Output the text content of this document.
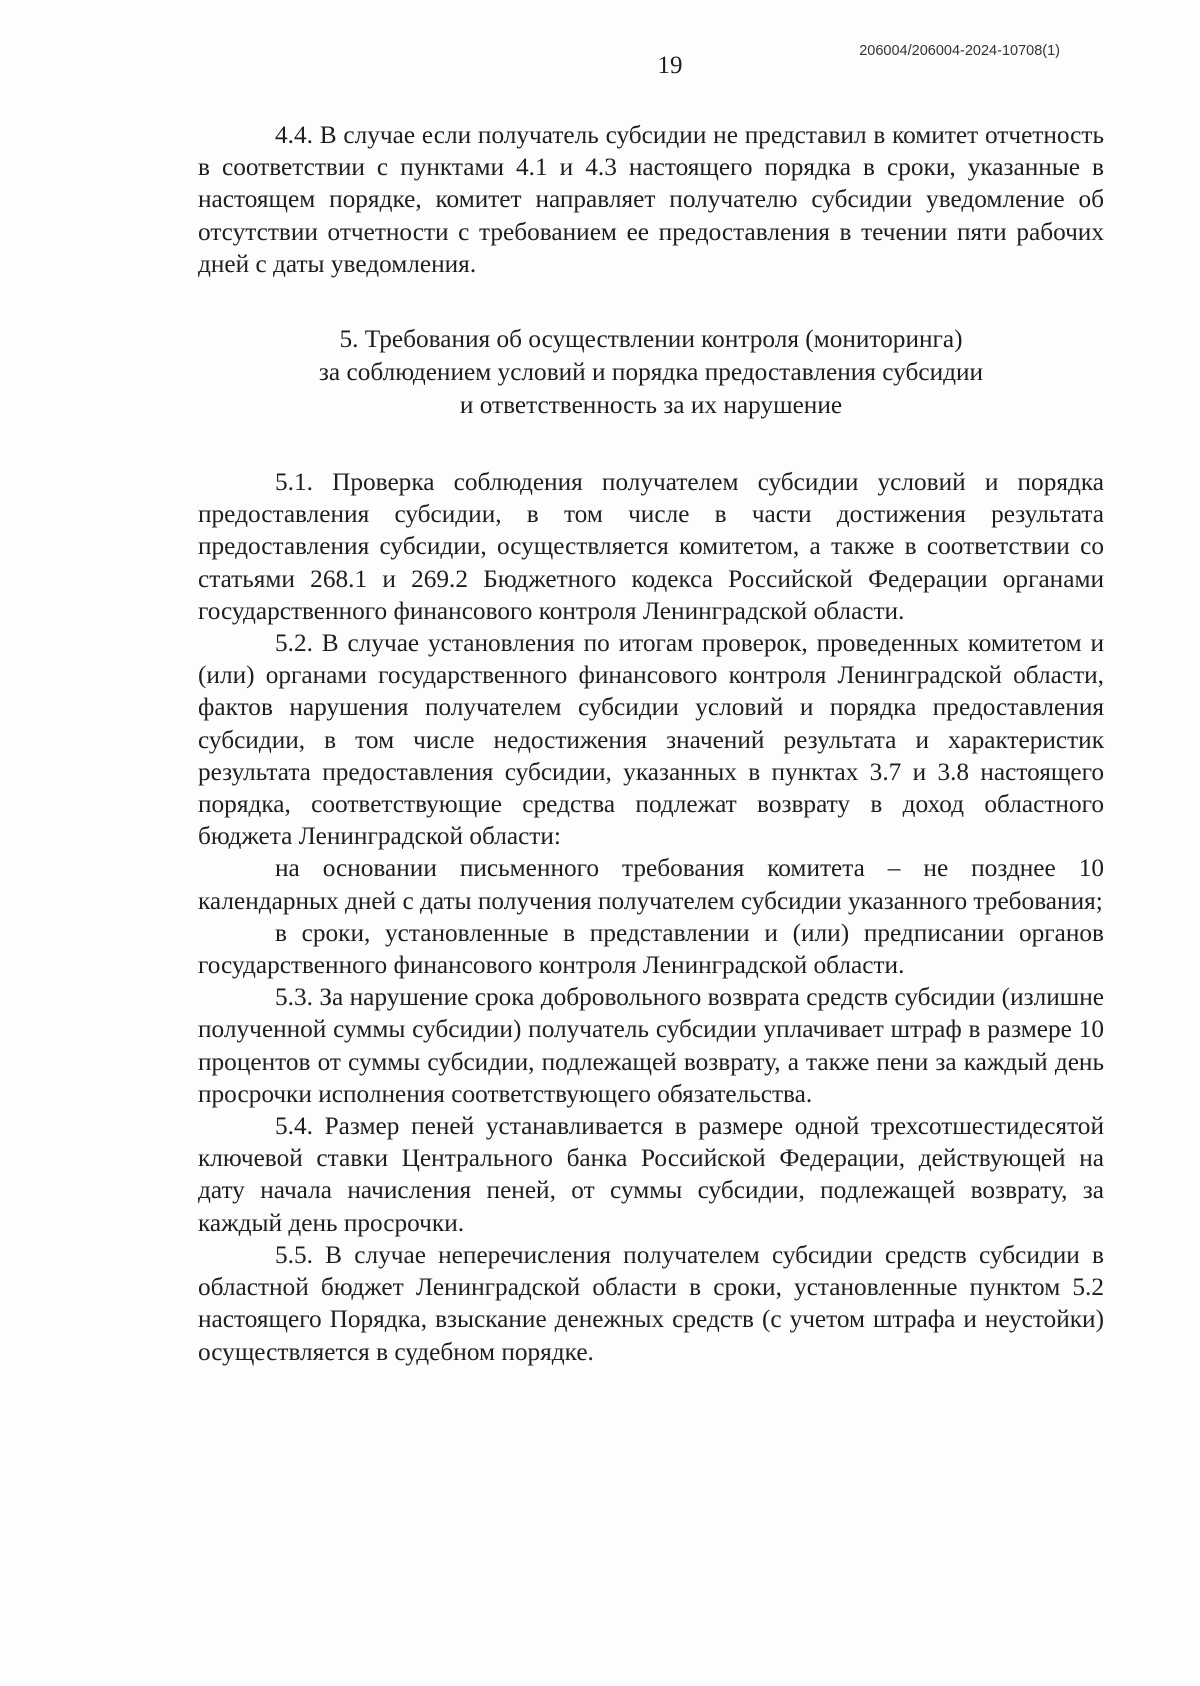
19
206004/206004-2024-10708(1)

4.4. В случае если получатель субсидии не представил в комитет отчетность в соответствии с пунктами 4.1 и 4.3 настоящего порядка в сроки, указанные в настоящем порядке, комитет направляет получателю субсидии уведомление об отсутствии отчетности с требованием ее предоставления в течении пяти рабочих дней с даты уведомления.

5. Требования об осуществлении контроля (мониторинга)
за соблюдением условий и порядка предоставления субсидии
и ответственность за их нарушение

5.1. Проверка соблюдения получателем субсидии условий и порядка предоставления субсидии, в том числе в части достижения результата предоставления субсидии, осуществляется комитетом, а также в соответствии со статьями 268.1 и 269.2 Бюджетного кодекса Российской Федерации органами государственного финансового контроля Ленинградской области.

5.2. В случае установления по итогам проверок, проведенных комитетом и (или) органами государственного финансового контроля Ленинградской области, фактов нарушения получателем субсидии условий и порядка предоставления субсидии, в том числе недостижения значений результата и характеристик результата предоставления субсидии, указанных в пунктах 3.7 и 3.8 настоящего порядка, соответствующие средства подлежат возврату в доход областного бюджета Ленинградской области:

на основании письменного требования комитета – не позднее 10 календарных дней с даты получения получателем субсидии указанного требования;

в сроки, установленные в представлении и (или) предписании органов государственного финансового контроля Ленинградской области.

5.3. За нарушение срока добровольного возврата средств субсидии (излишне полученной суммы субсидии) получатель субсидии уплачивает штраф в размере 10 процентов от суммы субсидии, подлежащей возврату, а также пени за каждый день просрочки исполнения соответствующего обязательства.

5.4. Размер пеней устанавливается в размере одной трехсотшестидесятой ключевой ставки Центрального банка Российской Федерации, действующей на дату начала начисления пеней, от суммы субсидии, подлежащей возврату, за каждый день просрочки.

5.5. В случае неперечисления получателем субсидии средств субсидии в областной бюджет Ленинградской области в сроки, установленные пунктом 5.2 настоящего Порядка, взыскание денежных средств (с учетом штрафа и неустойки) осуществляется в судебном порядке.
